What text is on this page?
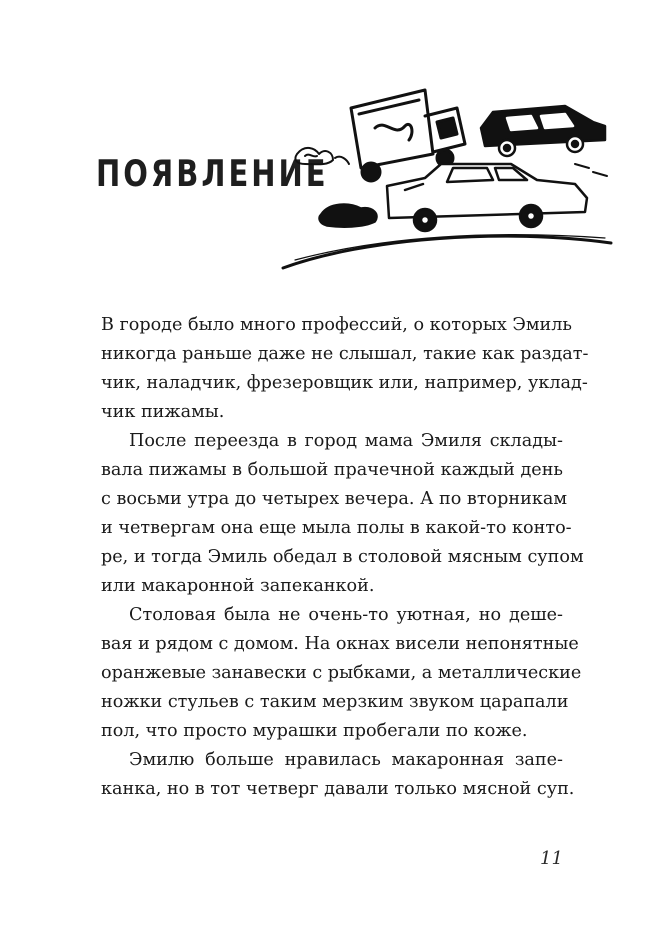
ПОЯВЛЕНИЕ
В городе было много профессий, о которых Эмиль
никогда раньше даже не слышал, такие как раздат-
чик, наладчик, фрезеровщик или, например, уклад-
чик пижамы.
После переезда в город мама Эмиля склады-
вала пижамы в большой прачечной каждый день
с восьми утра до четырех вечера. А по вторникам
и четвергам она еще мыла полы в какой-то конто-
ре, и тогда Эмиль обедал в столовой мясным супом
или макаронной запеканкой.
Столовая была не очень-то уютная, но деше-
вая и рядом с домом. На окнах висели непонятные
оранжевые занавески с рыбками, а металлические
ножки стульев с таким мерзким звуком царапали
пол, что просто мурашки пробегали по коже.
Эмилю больше нравилась макаронная запе-
канка, но в тот четверг давали только мясной суп.
11
